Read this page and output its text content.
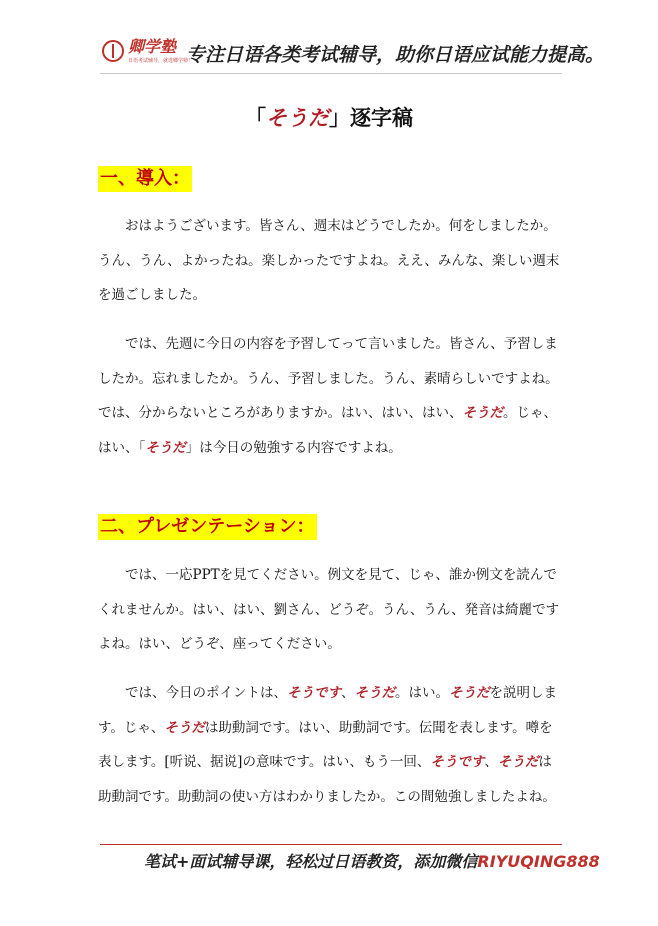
卿学塾
日语考试辅导，就选卿学塾！
专注日语各类考试辅导，助你日语应试能力提高。
「そうだ」逐字稿
一、導入：

おはようございます。皆さん、週末はどうでしたか。何をしましたか。うん、うん、よかったね。楽しかったですよね。ええ、みんな、楽しい週末を過ごしました。

では、先週に今日の内容を予習してって言いました。皆さん、予習しましたか。忘れましたか。うん、予習しました。うん、素晴らしいですよね。では、分からないところがありますか。はい、はい、はい、そうだ。じゃ、はい、「そうだ」は今日の勉強する内容ですよね。

二、プレゼンテーション：

では、一応PPTを見てください。例文を見て、じゃ、誰か例文を読んでくれませんか。はい、はい、劉さん、どうぞ。うん、うん、発音は綺麗ですよね。はい、どうぞ、座ってください。

では、今日のポイントは、そうです、そうだ。はい。そうだを説明します。じゃ、そうだは助動詞です。はい、助動詞です。伝聞を表します。噂を表します。[听说、据说]の意味です。はい、もう一回、そうです、そうだは助動詞です。助動詞の使い方はわかりましたか。この間勉強しましたよね。

笔试+面试辅导课，轻松过日语教资，添加微信RIYUQING888
